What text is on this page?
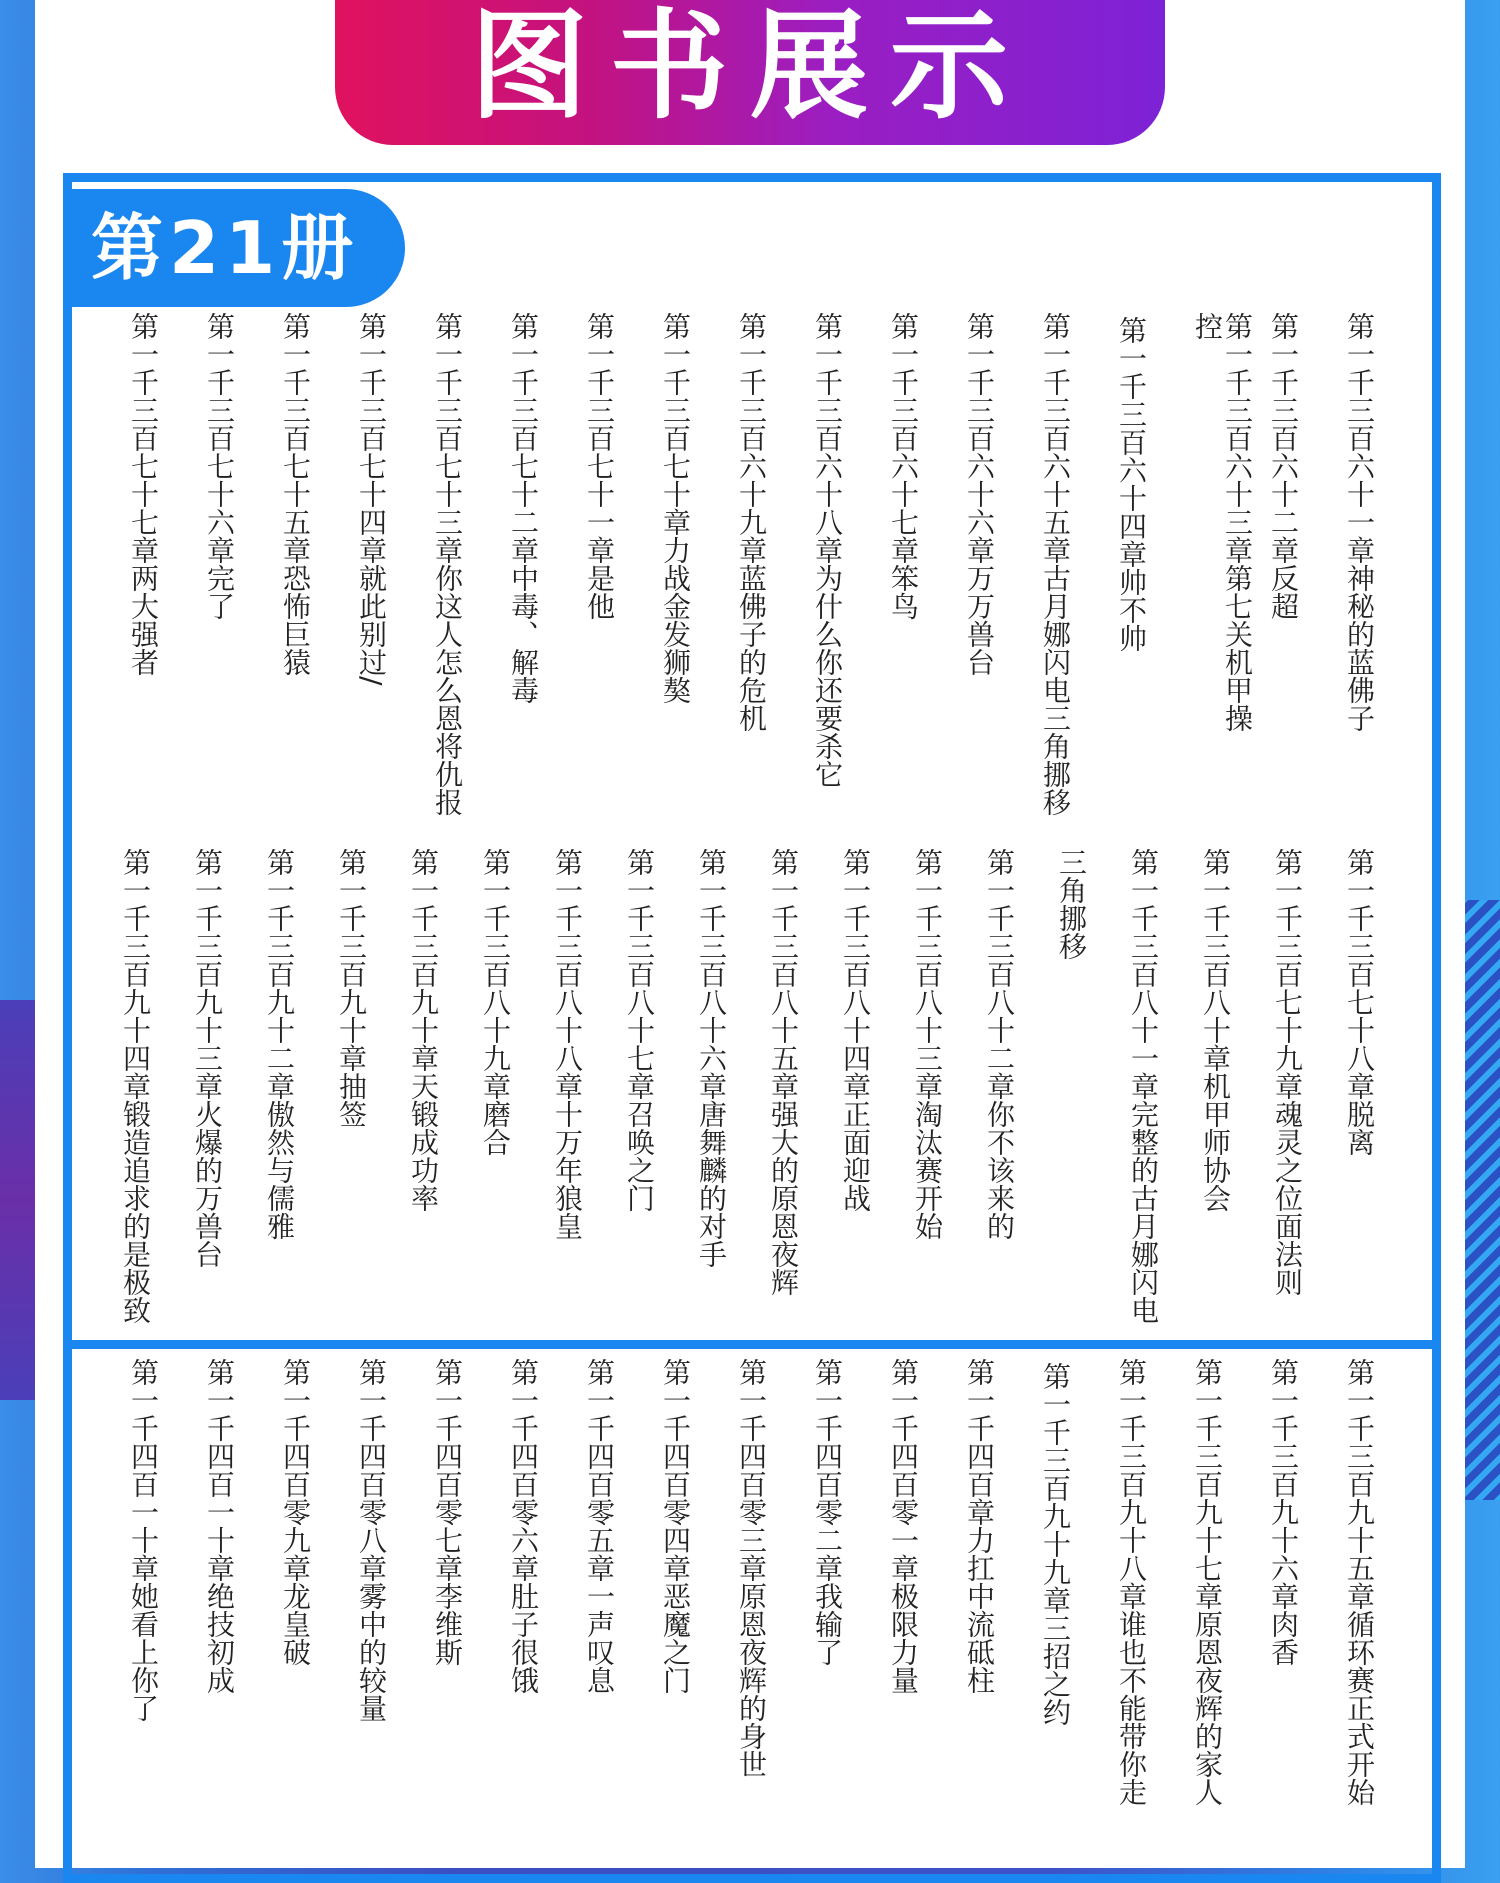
图书展示
第21册
第一千三百六十一章神秘的蓝佛子
第一千三百六十二章反超
第一千三百六十三章第七关机甲操控
第一千三百六十四章帅不帅
第一千三百六十五章古月娜闪电三角挪移
第一千三百六十六章万万兽台
第一千三百六十七章笨鸟
第一千三百六十八章为什么你还要杀它
第一千三百六十九章蓝佛子的危机
第一千三百七十章力战金发狮獒
第一千三百七十一章是他
第一千三百七十二章中毒、解毒
第一千三百七十三章你这人怎么恩将仇报
第一千三百七十四章就此别过/
第一千三百七十五章恐怖巨猿
第一千三百七十六章完了
第一千三百七十七章两大强者
第一千三百七十八章脱离
第一千三百七十九章魂灵之位面法则
第一千三百八十章机甲师协会
第一千三百八十一章完整的古月娜闪电
三角挪移
第一千三百八十二章你不该来的
第一千三百八十三章淘汰赛开始
第一千三百八十四章正面迎战
第一千三百八十五章强大的原恩夜辉
第一千三百八十六章唐舞麟的对手
第一千三百八十七章召唤之门
第一千三百八十八章十万年狼皇
第一千三百八十九章磨合
第一千三百九十章天锻成功率
第一千三百九十章抽签
第一千三百九十二章傲然与儒雅
第一千三百九十三章火爆的万兽台
第一千三百九十四章锻造追求的是极致
第一千三百九十五章循环赛正式开始
第一千三百九十六章肉香
第一千三百九十七章原恩夜辉的家人
第一千三百九十八章谁也不能带你走
第一千三百九十九章三招之约
第一千四百章力扛中流砥柱
第一千四百零一章极限力量
第一千四百零二章我输了
第一千四百零三章原恩夜辉的身世
第一千四百零四章恶魔之门
第一千四百零五章一声叹息
第一千四百零六章肚子很饿
第一千四百零七章李维斯
第一千四百零八章雾中的较量
第一千四百零九章龙皇破
第一千四百一十章绝技初成
第一千四百一十章她看上你了
